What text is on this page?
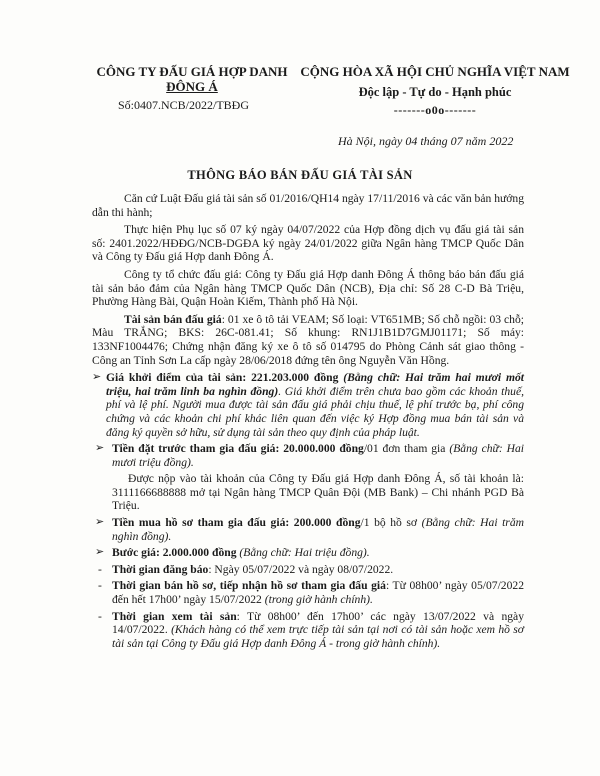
CÔNG TY ĐẤU GIÁ HỢP DANH
ĐÔNG Á
Số:0407.NCB/2022/TBĐG
CỘNG HÒA XÃ HỘI CHỦ NGHĨA VIỆT NAM
Độc lập - Tự do - Hạnh phúc
-------o0o-------
Hà Nội, ngày 04 tháng 07 năm 2022
THÔNG BÁO BÁN ĐẤU GIÁ TÀI SẢN

Căn cứ Luật Đấu giá tài sản số 01/2016/QH14 ngày 17/11/2016 và các văn bản hướng dẫn thi hành;

Thực hiện Phụ lục số 07 ký ngày 04/07/2022 của Hợp đồng dịch vụ đấu giá tài sản số: 2401.2022/HĐĐG/NCB-DGĐA ký ngày 24/01/2022 giữa Ngân hàng TMCP Quốc Dân và Công ty Đấu giá Hợp danh Đông Á.

Công ty tổ chức đấu giá: Công ty Đấu giá Hợp danh Đông Á thông báo bán đấu giá tài sản bảo đảm của Ngân hàng TMCP Quốc Dân (NCB), Địa chỉ: Số 28 C-D Bà Triệu, Phường Hàng Bài, Quận Hoàn Kiếm, Thành phố Hà Nội.

Tài sản bán đấu giá: 01 xe ô tô tải VEAM; Số loại: VT651MB; Số chỗ ngồi: 03 chỗ; Màu TRẮNG; BKS: 26C-081.41; Số khung: RN1J1B1D7GMJ01171; Số máy: 133NF1004476; Chứng nhận đăng ký xe ô tô số 014795 do Phòng Cảnh sát giao thông - Công an Tỉnh Sơn La cấp ngày 28/06/2018 đứng tên ông Nguyễn Văn Hồng.

➢ Giá khởi điểm của tài sản: 221.203.000 đồng (Bằng chữ: Hai trăm hai mươi mốt triệu, hai trăm linh ba nghìn đồng). Giá khởi điểm trên chưa bao gồm các khoản thuế, phí và lệ phí. Người mua được tài sản đấu giá phải chịu thuế, lệ phí trước bạ, phí công chứng và các khoản chi phí khác liên quan đến việc ký Hợp đồng mua bán tài sản và đăng ký quyền sở hữu, sử dụng tài sản theo quy định của pháp luật.
➢ Tiền đặt trước tham gia đấu giá: 20.000.000 đồng/01 đơn tham gia (Bằng chữ: Hai mươi triệu đồng).
Được nộp vào tài khoản của Công ty Đấu giá Hợp danh Đông Á, số tài khoản là: 3111166688888 mở tại Ngân hàng TMCP Quân Đội (MB Bank) – Chi nhánh PGD Bà Triệu.
➢ Tiền mua hồ sơ tham gia đấu giá: 200.000 đồng/1 bộ hồ sơ (Bằng chữ: Hai trăm nghìn đồng).
➢ Bước giá: 2.000.000 đồng (Bằng chữ: Hai triệu đồng).
- Thời gian đăng báo: Ngày 05/07/2022 và ngày 08/07/2022.
- Thời gian bán hồ sơ, tiếp nhận hồ sơ tham gia đấu giá: Từ 08h00’ ngày 05/07/2022 đến hết 17h00’ ngày 15/07/2022 (trong giờ hành chính).
- Thời gian xem tài sản: Từ 08h00’ đến 17h00’ các ngày 13/07/2022 và ngày 14/07/2022. (Khách hàng có thể xem trực tiếp tài sản tại nơi có tài sản hoặc xem hồ sơ tài sản tại Công ty Đấu giá Hợp danh Đông Á - trong giờ hành chính).
